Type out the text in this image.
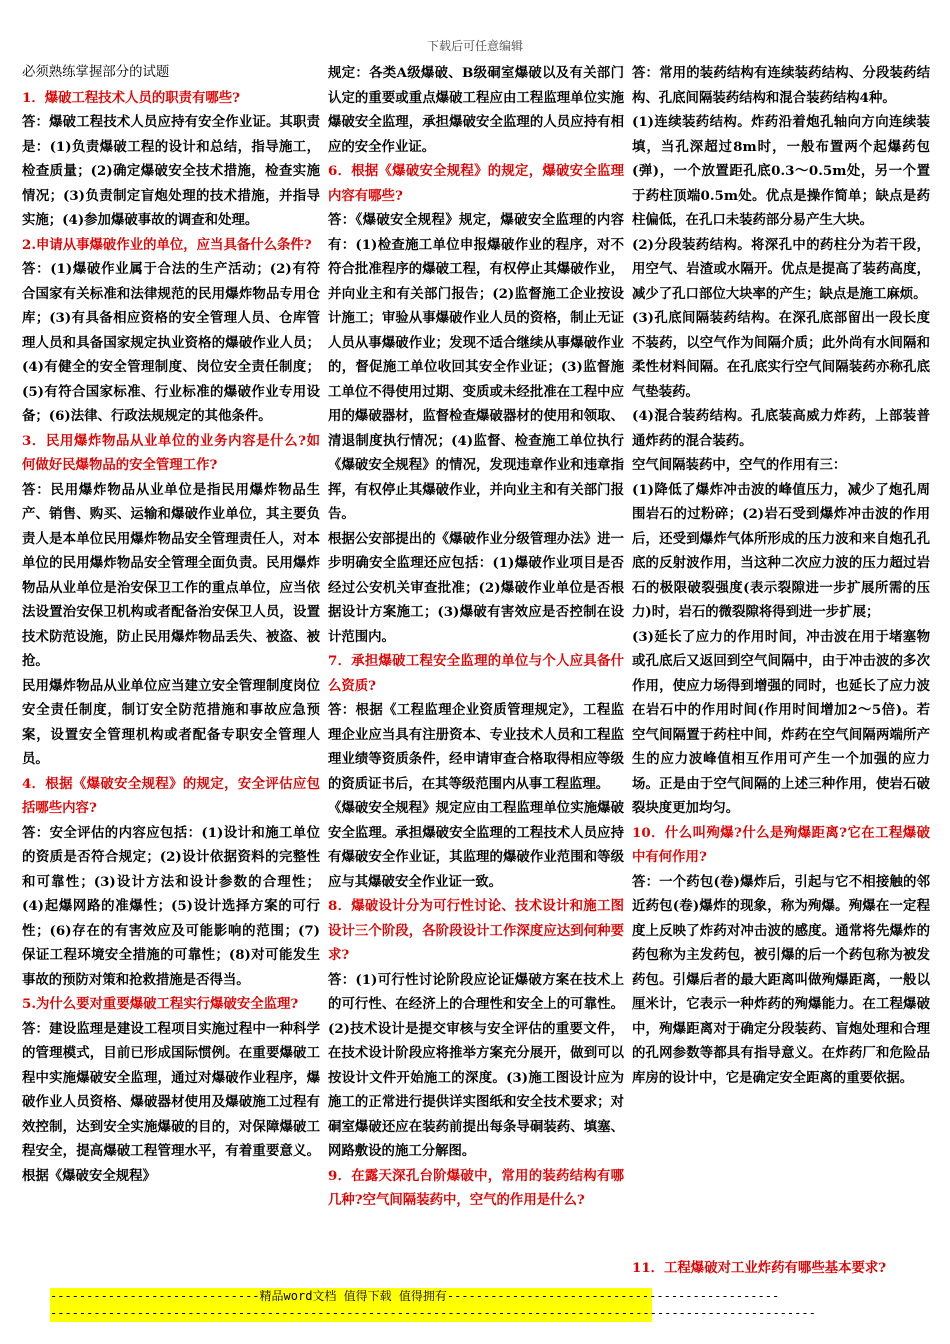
下载后可任意编辑

必须熟练掌握部分的试题

1．爆破工程技术人员的职责有哪些?

答：爆破工程技术人员应持有安全作业证。其职责是：(1)负责爆破工程的设计和总结，指导施工，检查质量；(2)确定爆破安全技术措施，检查实施情况；(3)负责制定盲炮处理的技术措施，并指导实施；(4)参加爆破事故的调查和处理。

2.申请从事爆破作业的单位，应当具备什么条件?

答：(1)爆破作业属于合法的生产活动；(2)有符合国家有关标准和法律规范的民用爆炸物品专用仓库；(3)有具备相应资格的安全管理人员、仓库管理人员和具备国家规定执业资格的爆破作业人员；(4)有健全的安全管理制度、岗位安全责任制度；(5)有符合国家标准、行业标准的爆破作业专用设备；(6)法律、行政法规规定的其他条件。

3．民用爆炸物品从业单位的业务内容是什么?如何做好民爆物品的安全管理工作?

答：民用爆炸物品从业单位是指民用爆炸物品生产、销售、购买、运输和爆破作业单位，其主要负责人是本单位民用爆炸物品安全管理责任人，对本单位的民用爆炸物品安全管理全面负责。民用爆炸物品从业单位是治安保卫工作的重点单位，应当依法设置治安保卫机构或者配备治安保卫人员，设置技术防范设施，防止民用爆炸物品丢失、被盗、被抢。

民用爆炸物品从业单位应当建立安全管理制度岗位安全责任制度，制订安全防范措施和事故应急预案，设置安全管理机构或者配备专职安全管理人员。

4．根据《爆破安全规程》的规定，安全评估应包括哪些内容?

答：安全评估的内容应包括：(1)设计和施工单位的资质是否符合规定；(2)设计依据资料的完整性和可靠性；(3)设计方法和设计参数的合理性；(4)起爆网路的准爆性；(5)设计选择方案的可行性；(6)存在的有害效应及可能影响的范围；(7)保证工程环境安全措施的可靠性；(8)对可能发生事故的预防对策和抢救措施是否得当。

5.为什么要对重要爆破工程实行爆破安全监理?

答：建设监理是建设工程项目实施过程中一种科学的管理模式，目前已形成国际惯例。在重要爆破工程中实施爆破安全监理，通过对爆破作业程序，爆破作业人员资格、爆破器材使用及爆破施工过程有效控制，达到安全实施爆破的目的，对保障爆破工程安全，提高爆破工程管理水平，有着重要意义。根据《爆破安全规程》

规定：各类A级爆破、B级硐室爆破以及有关部门认定的重要或重点爆破工程应由工程监理单位实施爆破安全监理，承担爆破安全监理的人员应持有相应的安全作业证。

6．根据《爆破安全规程》的规定，爆破安全监理内容有哪些?

答：《爆破安全规程》规定，爆破安全监理的内容有：(1)检查施工单位申报爆破作业的程序，对不符合批准程序的爆破工程，有权停止其爆破作业，并向业主和有关部门报告；(2)监督施工企业按设计施工；审验从事爆破作业人员的资格，制止无证人员从事爆破作业；发现不适合继续从事爆破作业的，督促施工单位收回其安全作业证；(3)监督施工单位不得使用过期、变质或未经批准在工程中应用的爆破器材，监督检查爆破器材的使用和领取、清退制度执行情况；(4)监督、检查施工单位执行《爆破安全规程》的情况，发现违章作业和违章指挥，有权停止其爆破作业，并向业主和有关部门报告。

根据公安部提出的《爆破作业分级管理办法》进一步明确安全监理还应包括：(1)爆破作业项目是否经过公安机关审查批准；(2)爆破作业单位是否根据设计方案施工；(3)爆破有害效应是否控制在设计范围内。

7．承担爆破工程安全监理的单位与个人应具备什么资质?

答：根据《工程监理企业资质管理规定》，工程监理企业应当具有注册资本、专业技术人员和工程监理业绩等资质条件，经申请审查合格取得相应等级的资质证书后，在其等级范围内从事工程监理。

《爆破安全规程》规定应由工程监理单位实施爆破安全监理。承担爆破安全监理的工程技术人员应持有爆破安全作业证，其监理的爆破作业范围和等级应与其爆破安全作业证一致。

8．爆破设计分为可行性讨论、技术设计和施工图设计三个阶段，各阶段设计工作深度应达到何种要求?

答：(1)可行性讨论阶段应论证爆破方案在技术上的可行性、在经济上的合理性和安全上的可靠性。(2)技术设计是提交审核与安全评估的重要文件，在技术设计阶段应将推举方案充分展开，做到可以按设计文件开始施工的深度。(3)施工图设计应为施工的正常进行提供详实图纸和安全技术要求；对硐室爆破还应在装药前提出每条导硐装药、填塞、网路敷设的施工分解图。

9．在露天深孔台阶爆破中，常用的装药结构有哪几种?空气间隔装药中，空气的作用是什么?

答：常用的装药结构有连续装药结构、分段装药结构、孔底间隔装药结构和混合装药结构4种。

(1)连续装药结构。炸药沿着炮孔轴向方向连续装填，当孔深超过8m时，一般布置两个起爆药包(弹)，一个放置距孔底0.3～0.5m处，另一个置于药柱顶端0.5m处。优点是操作简单；缺点是药柱偏低，在孔口未装药部分易产生大块。

(2)分段装药结构。将深孔中的药柱分为若干段，用空气、岩渣或水隔开。优点是提高了装药高度，减少了孔口部位大块率的产生；缺点是施工麻烦。

(3)孔底间隔装药结构。在深孔底部留出一段长度不装药，以空气作为间隔介质；此外尚有水间隔和柔性材料间隔。在孔底实行空气间隔装药亦称孔底气垫装药。

(4)混合装药结构。孔底装高威力炸药，上部装普通炸药的混合装药。

空气间隔装药中，空气的作用有三：

(1)降低了爆炸冲击波的峰值压力，减少了炮孔周围岩石的过粉碎；(2)岩石受到爆炸冲击波的作用后，还受到爆炸气体所形成的压力波和来自炮孔孔底的反射波作用，当这种二次应力波的压力超过岩石的极限破裂强度(表示裂隙进一步扩展所需的压力)时，岩石的微裂隙将得到进一步扩展；

(3)延长了应力的作用时间，冲击波在用于堵塞物或孔底后又返回到空气间隔中，由于冲击波的多次作用，使应力场得到增强的同时，也延长了应力波在岩石中的作用时间(作用时间增加2～5倍)。若空气间隔置于药柱中间，炸药在空气间隔两端所产生的应力波峰值相互作用可产生一个加强的应力场。正是由于空气间隔的上述三种作用，使岩石破裂块度更加均匀。

10．什么叫殉爆?什么是殉爆距离?它在工程爆破中有何作用?

答：一个药包(卷)爆炸后，引起与它不相接触的邻近药包(卷)爆炸的现象，称为殉爆。殉爆在一定程度上反映了炸药对冲击波的感度。通常将先爆炸的药包称为主发药包，被引爆的后一个药包称为被发药包。引爆后者的最大距离叫做殉爆距离，一般以厘米计，它表示一种炸药的殉爆能力。在工程爆破中，殉爆距离对于确定分段装药、盲炮处理和合理的孔网参数等都具有指导意义。在炸药厂和危险品库房的设计中，它是确定安全距离的重要依据。

11．工程爆破对工业炸药有哪些基本要求?
-----------------------------精品word文档 值得下载 值得拥有----------------------------------------------
----------------------------------------------------------------------------------------------------------
